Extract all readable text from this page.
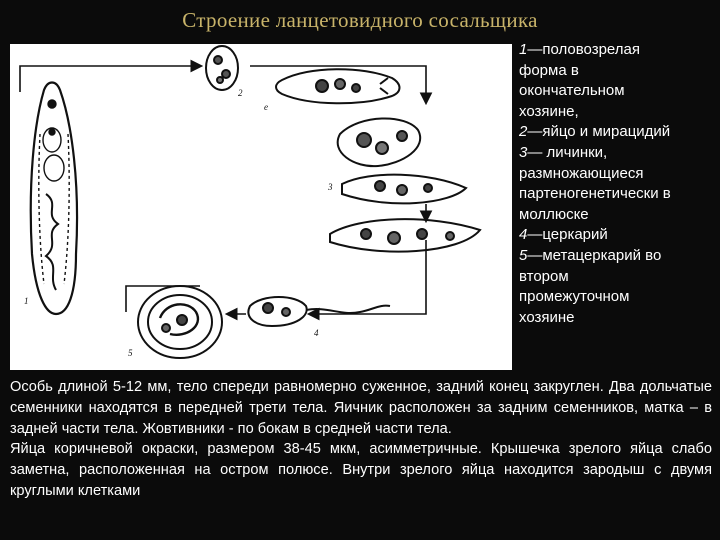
Строение ланцетовидного сосальщика
1
2
3
4
5
е
1—половозрелая
форма в
окончательном
хозяине,
2—яйцо и мирацидий
3— личинки,
размножающиеся
партеногенетически в
моллюске
4—церкарий
5—метацеркарий во
втором
промежуточном
хозяине
Особь длиной 5-12 мм, тело спереди равномерно суженное, задний конец закруглен. Два дольчатые семенники находятся в передней трети тела. Яичник расположен за задним семенников, матка – в задней части тела. Жовтивники - по бокам в средней части тела.
Яйца коричневой окраски, размером 38-45 мкм, асимметричные. Крышечка зрелого яйца слабо заметна, расположенная на остром полюсе. Внутри зрелого яйца находится зародыш с двумя круглыми клетками
